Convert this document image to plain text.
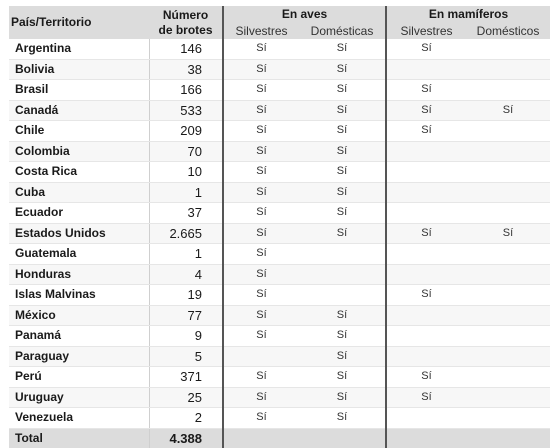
País/Territorio	Número
de brotes	En aves		En mamíferos	
		Silvestres	Domésticas	Silvestres	Domésticos
Argentina	146	Sí	Sí	Sí	
Bolivia	38	Sí	Sí		
Brasil	166	Sí	Sí	Sí	
Canadá	533	Sí	Sí	Sí	Sí
Chile	209	Sí	Sí	Sí	
Colombia	70	Sí	Sí		
Costa Rica	10	Sí	Sí		
Cuba	1	Sí	Sí		
Ecuador	37	Sí	Sí		
Estados Unidos	2.665	Sí	Sí	Sí	Sí
Guatemala	1	Sí			
Honduras	4	Sí			
Islas Malvinas	19	Sí		Sí	
México	77	Sí	Sí		
Panamá	9	Sí	Sí		
Paraguay	5		Sí		
Perú	371	Sí	Sí	Sí	
Uruguay	25	Sí	Sí	Sí	
Venezuela	2	Sí	Sí		
Total	4.388				
